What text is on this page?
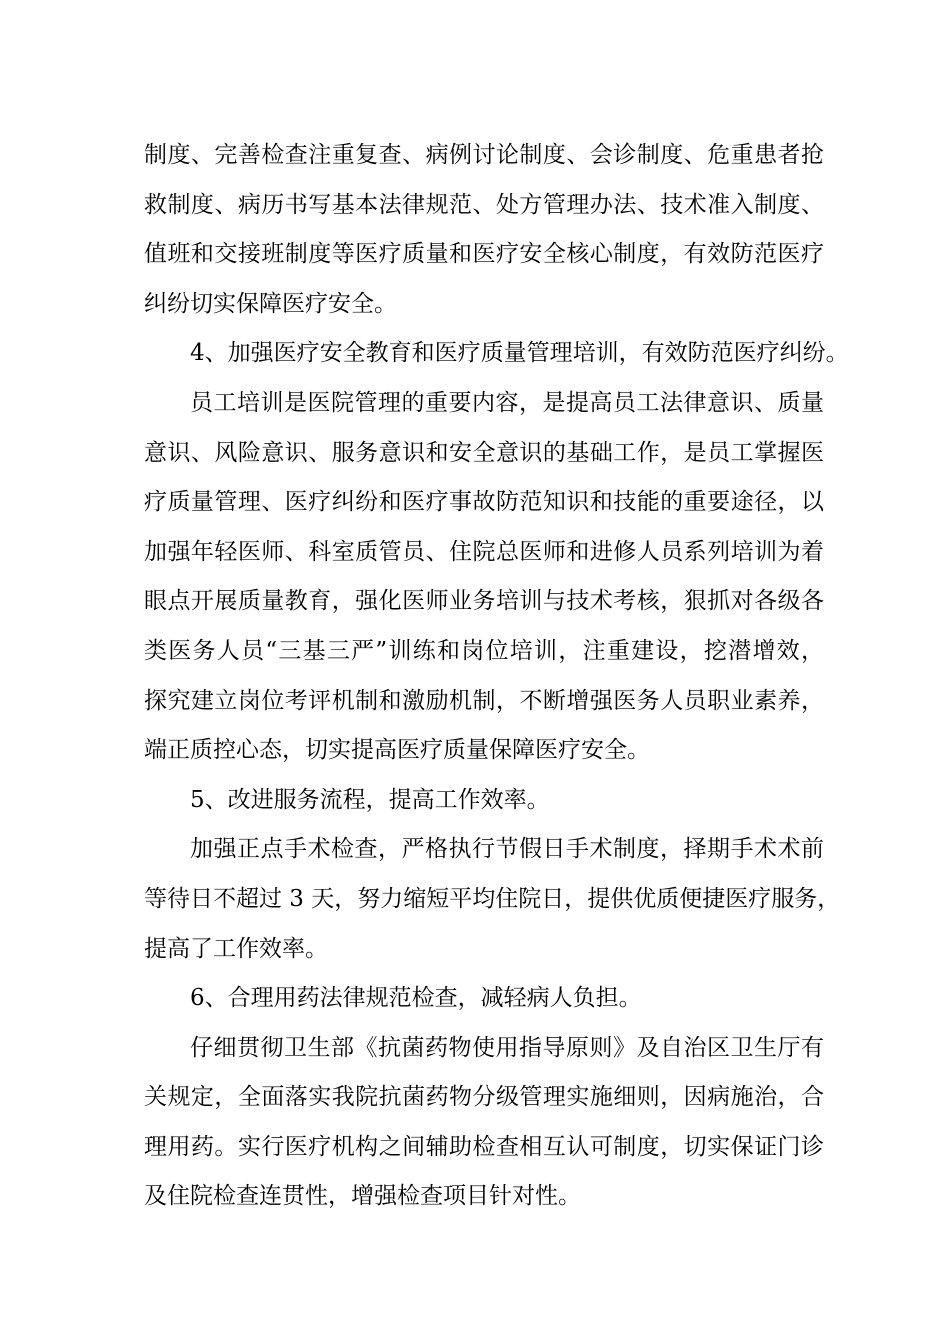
制度、完善检查注重复查、病例讨论制度、会诊制度、危重患者抢
救制度、病历书写基本法律规范、处方管理办法、技术准入制度、
值班和交接班制度等医疗质量和医疗安全核心制度，有效防范医疗
纠纷切实保障医疗安全。
4、加强医疗安全教育和医疗质量管理培训，有效防范医疗纠纷。
员工培训是医院管理的重要内容，是提高员工法律意识、质量
意识、风险意识、服务意识和安全意识的基础工作，是员工掌握医
疗质量管理、医疗纠纷和医疗事故防范知识和技能的重要途径，以
加强年轻医师、科室质管员、住院总医师和进修人员系列培训为着
眼点开展质量教育，强化医师业务培训与技术考核，狠抓对各级各
类医务人员“三基三严”训练和岗位培训，注重建设，挖潜增效，
探究建立岗位考评机制和激励机制，不断增强医务人员职业素养，
端正质控心态，切实提高医疗质量保障医疗安全。
5、改进服务流程，提高工作效率。
加强正点手术检查，严格执行节假日手术制度，择期手术术前
等待日不超过 3 天，努力缩短平均住院日，提供优质便捷医疗服务，
提高了工作效率。
6、合理用药法律规范检查，减轻病人负担。
仔细贯彻卫生部《抗菌药物使用指导原则》及自治区卫生厅有
关规定，全面落实我院抗菌药物分级管理实施细则，因病施治，合
理用药。实行医疗机构之间辅助检查相互认可制度，切实保证门诊
及住院检查连贯性，增强检查项目针对性。
